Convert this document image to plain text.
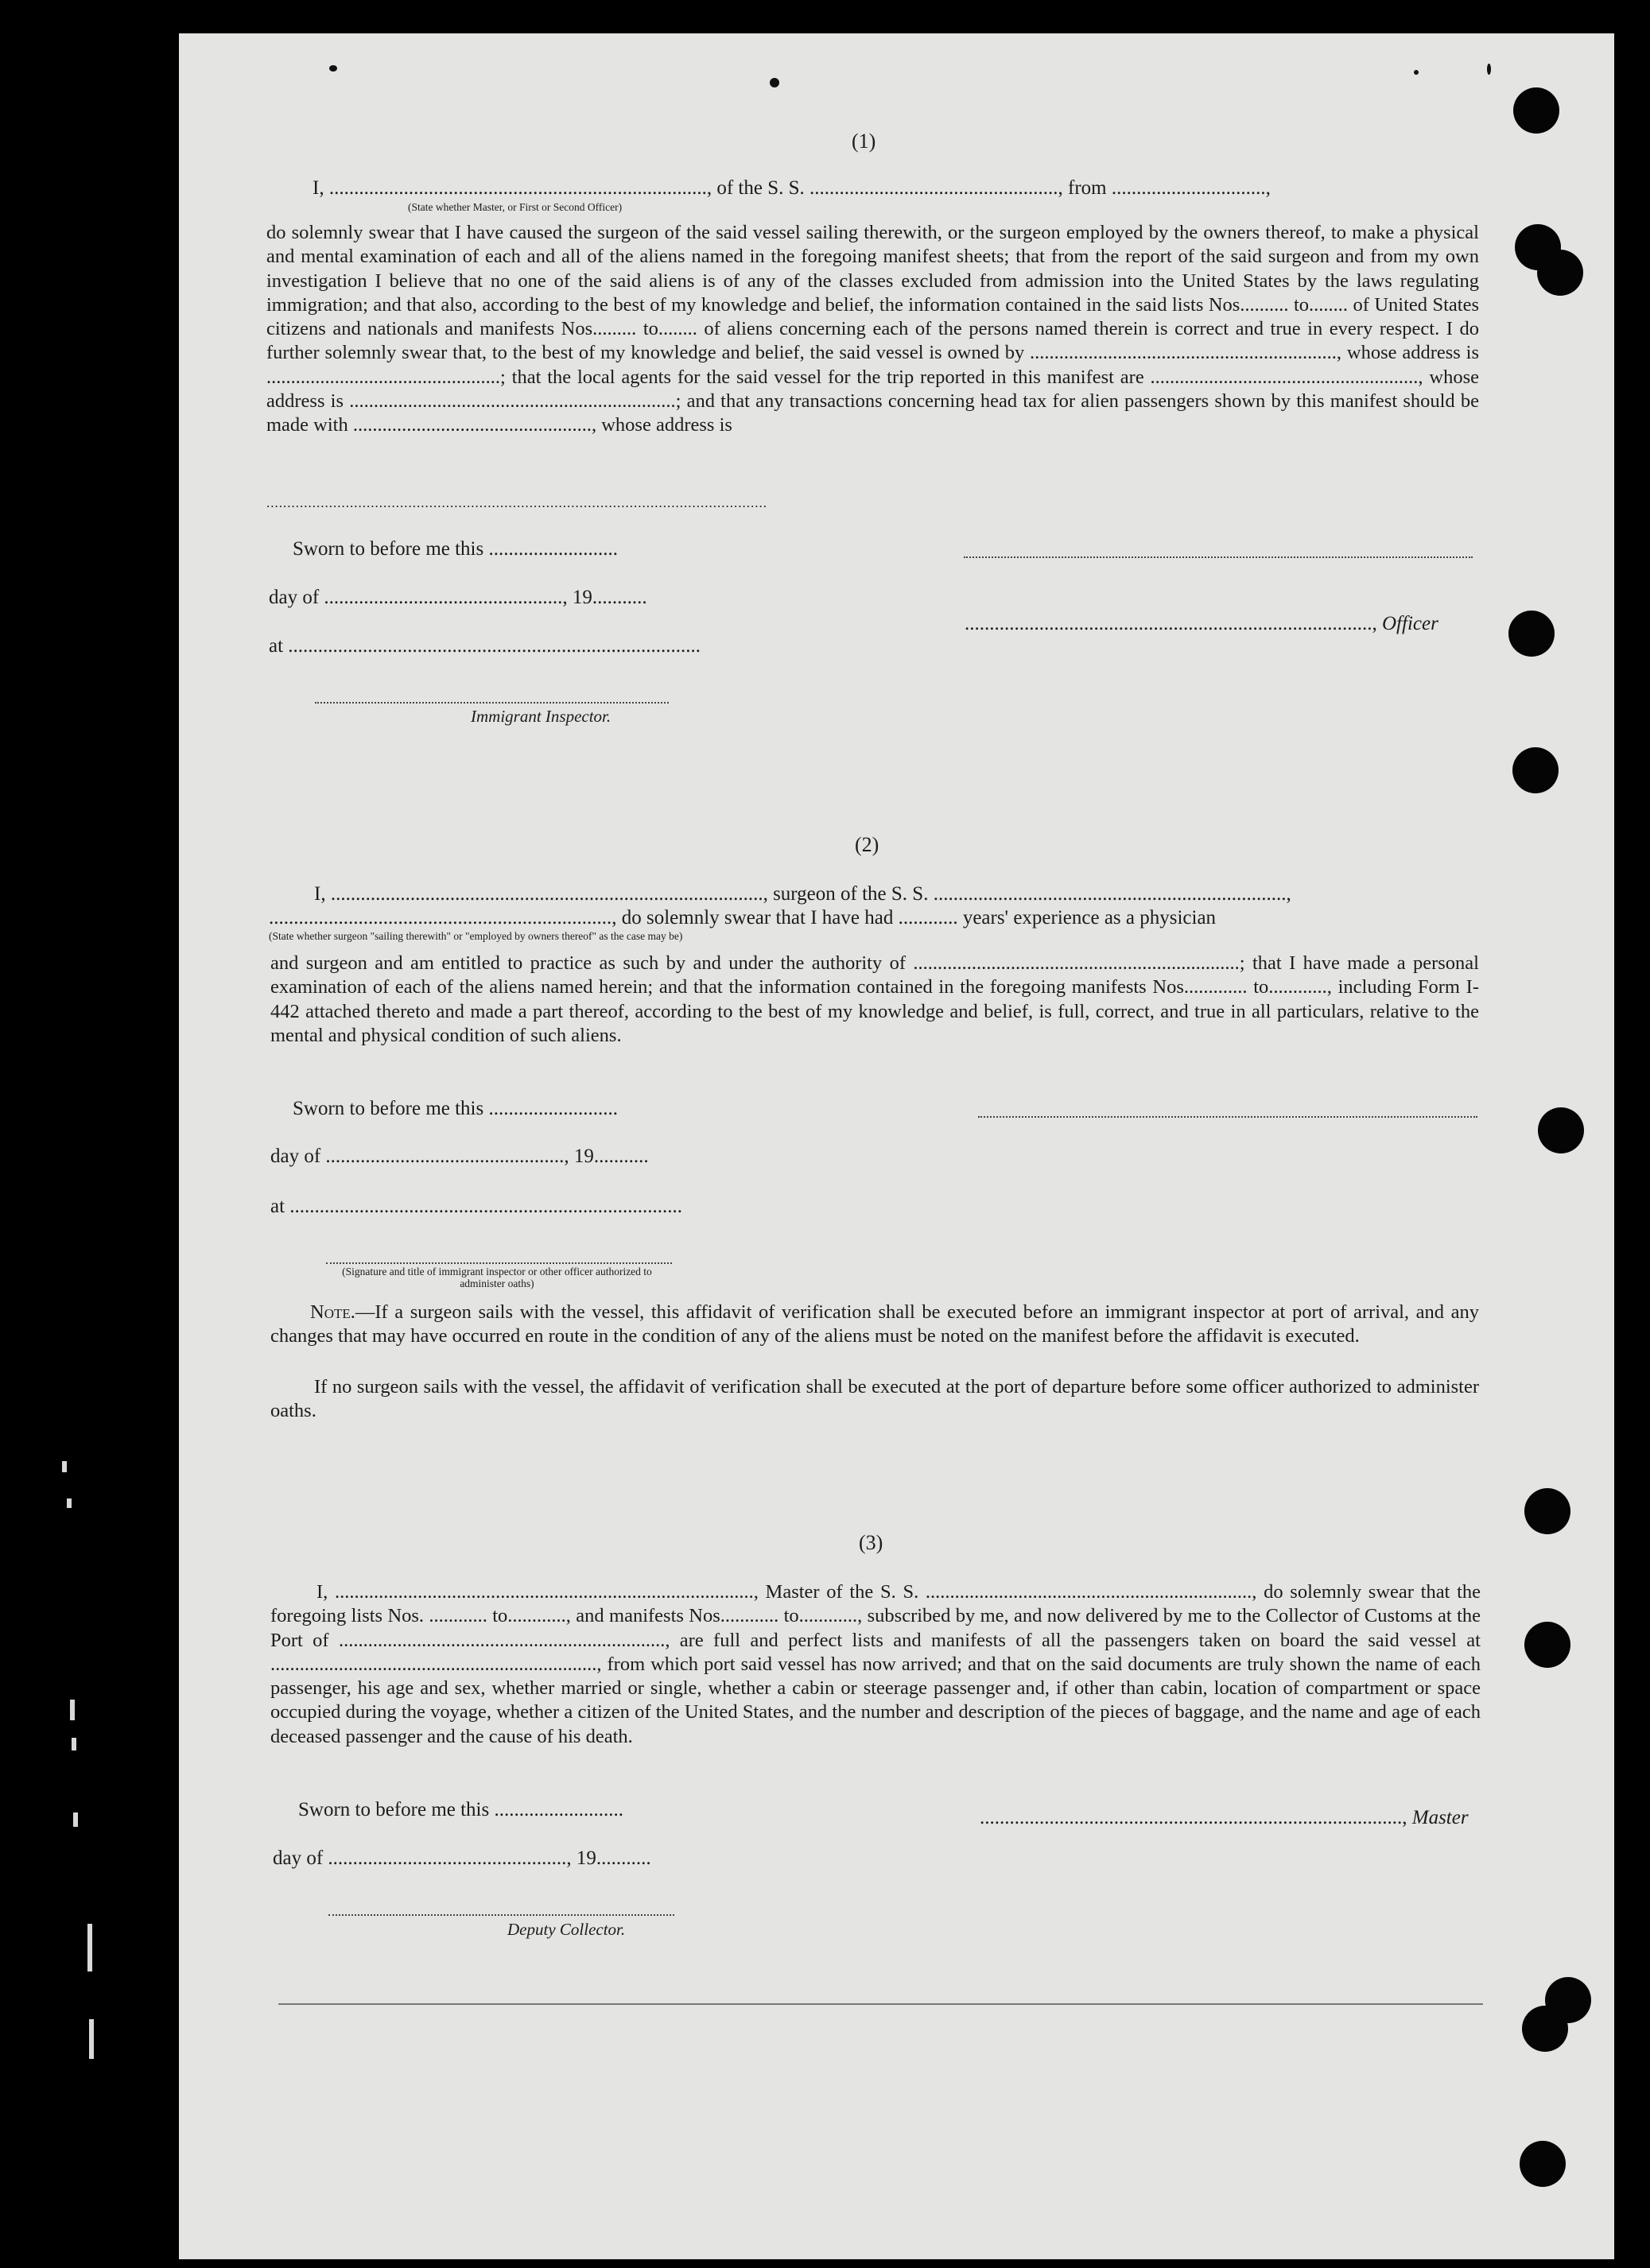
(1)
I, ............................................................................, of the S. S. .................................................., from ...............................,
(State whether Master, or First or Second Officer)
do solemnly swear that I have caused the surgeon of the said vessel sailing therewith, or the surgeon employed by the owners thereof, to make a physical and mental examination of each and all of the aliens named in the foregoing manifest sheets; that from the report of the said surgeon and from my own investigation I believe that no one of the said aliens is of any of the classes excluded from admission into the United States by the laws regulating immigration; and that also, according to the best of my knowledge and belief, the information contained in the said lists Nos.......... to........ of United States citizens and nationals and manifests Nos......... to........ of aliens concerning each of the persons named therein is correct and true in every respect. I do further solemnly swear that, to the best of my knowledge and belief, the said vessel is owned by ..............................................................., whose address is ................................................; that the local agents for the said vessel for the trip reported in this manifest are ......................................................., whose address is ...................................................................; and that any transactions concerning head tax for alien passengers shown by this manifest should be made with ................................................., whose address is
........................................................................................................................
Sworn to before me this ..........................
day of ................................................, 19...........
.................................................................................., Officer
at ...................................................................................
Immigrant Inspector.
(2)
I, ......................................................................................., surgeon of the S. S. .......................................................................,
....................................................................., do solemnly swear that I have had ............ years' experience as a physician
(State whether surgeon "sailing therewith" or "employed by owners thereof" as the case may be)
and surgeon and am entitled to practice as such by and under the authority of ...................................................................; that I have made a personal examination of each of the aliens named herein; and that the information contained in the foregoing manifests Nos............. to............, including Form I-442 attached thereto and made a part thereof, according to the best of my knowledge and belief, is full, correct, and true in all particulars, relative to the mental and physical condition of such aliens.
Sworn to before me this ..........................
day of ................................................, 19...........
at ...............................................................................
(Signature and title of immigrant inspector or other officer authorized to administer oaths)
Note.—If a surgeon sails with the vessel, this affidavit of verification shall be executed before an immigrant inspector at port of arrival, and any changes that may have occurred en route in the condition of any of the aliens must be noted on the manifest before the affidavit is executed.
If no surgeon sails with the vessel, the affidavit of verification shall be executed at the port of departure before some officer authorized to administer oaths.
(3)
I, ......................................................................................, Master of the S. S. ..................................................................., do solemnly swear that the foregoing lists Nos. ............ to............, and manifests Nos............ to............, subscribed by me, and now delivered by me to the Collector of Customs at the Port of ..................................................................., are full and perfect lists and manifests of all the passengers taken on board the said vessel at ..................................................................., from which port said vessel has now arrived; and that on the said documents are truly shown the name of each passenger, his age and sex, whether married or single, whether a cabin or steerage passenger and, if other than cabin, location of compartment or space occupied during the voyage, whether a citizen of the United States, and the number and description of the pieces of baggage, and the name and age of each deceased passenger and the cause of his death.
Sworn to before me this ..........................	....................................................................................., Master
day of ................................................, 19...........
Deputy Collector.
